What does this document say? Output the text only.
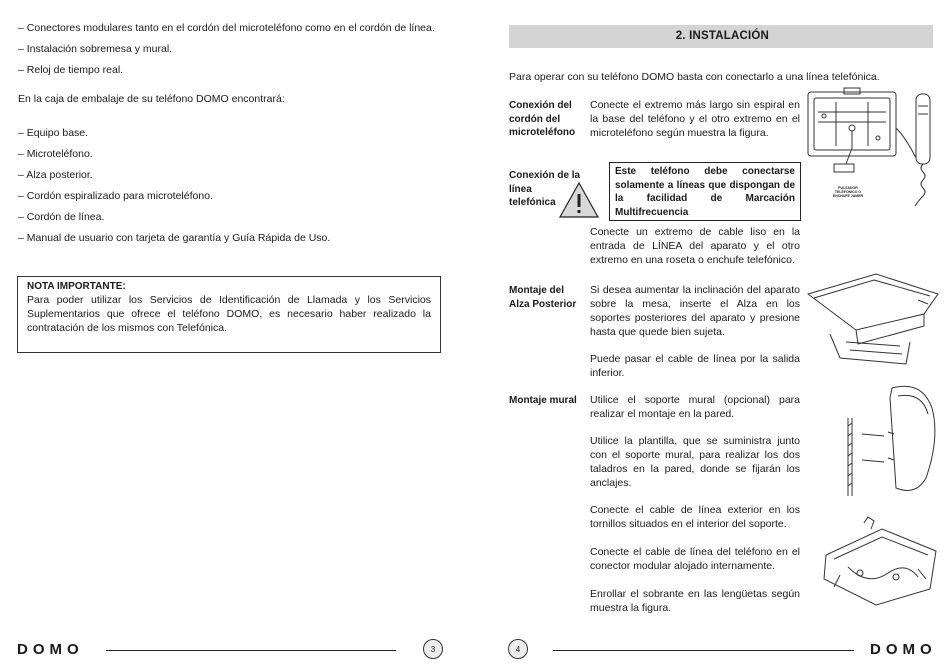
– Conectores modulares tanto en el cordón del microteléfono como en el cordón de línea.
– Instalación sobremesa y mural.
– Reloj de tiempo real.
En la caja de embalaje de su teléfono DOMO encontrará:
– Equipo base.
– Microteléfono.
– Alza posterior.
– Cordón espiralizado para microteléfono.
– Cordón de línea.
– Manual de usuario con tarjeta de garantía y Guía Rápida de Uso.
NOTA IMPORTANTE:
Para poder utilizar los Servicios de Identificación de Llamada y los Servicios Suplementarios que ofrece el teléfono DOMO, es necesario haber realizado la contratación de los mismos con Telefónica.
DOMO	3
2. INSTALACIÓN
Para operar con su teléfono DOMO basta con conectarlo a una línea telefónica.
Conexión del cordón del microteléfono
Conecte el extremo más largo sin espiral en la base del teléfono y el otro extremo en el microteléfono según muestra la figura.
PULSADOR TELÉFONICO O ENCHUFE JAMER
Conexión de la línea telefónica
Este teléfono debe conectarse solamente a líneas que dispongan de la facilidad de Marcación Multifrecuencia
Conecte un extremo de cable liso en la entrada de LÍNEA del aparato y el otro extremo en una roseta o enchufe telefónico.
Montaje del Alza Posterior
Si desea aumentar la inclinación del aparato sobre la mesa, inserte el Alza en los soportes posteriores del aparato y presione hasta que quede bien sujeta.
Puede pasar el cable de línea por la salida inferior.
Montaje mural	Utilice el soporte mural (opcional) para realizar el montaje en la pared.
Utilice la plantilla, que se suministra junto con el soporte mural, para realizar los dos taladros en la pared, donde se fijarán los anclajes.
Conecte el cable de línea exterior en los tornillos situados en el interior del soporte.
Conecte el cable de línea del teléfono en el conector modular alojado internamente.
Enrollar el sobrante en las lengüetas según muestra la figura.
4	DOMO
